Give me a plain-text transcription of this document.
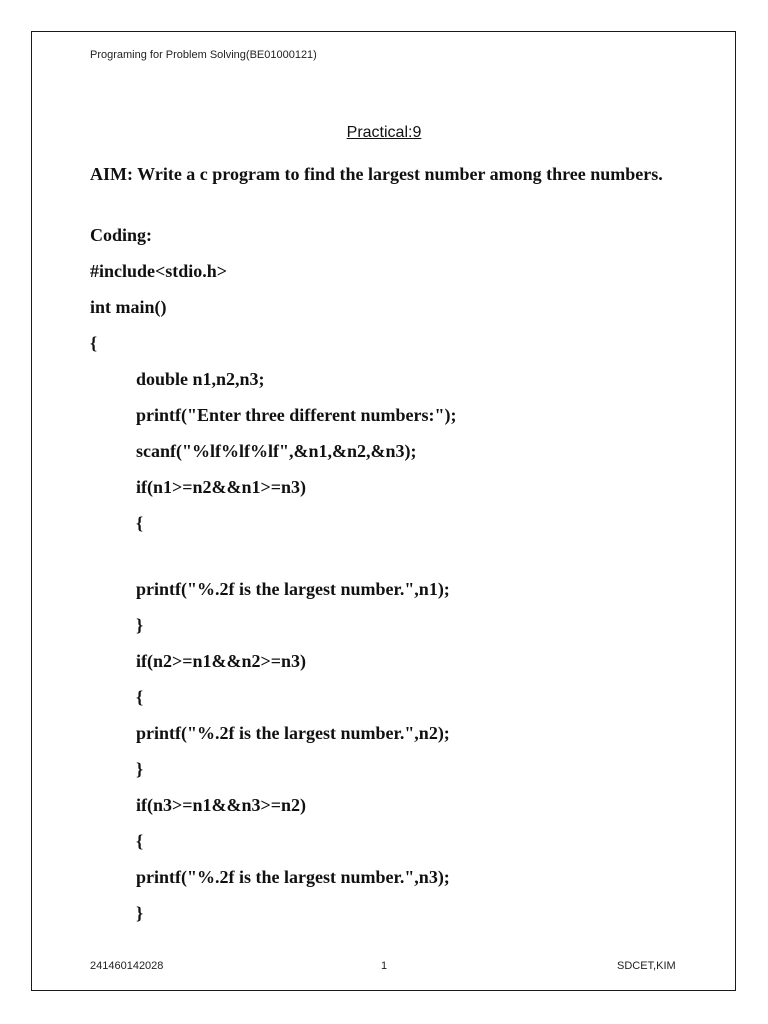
Programing for Problem Solving(BE01000121)
Practical:9
AIM: Write a c program to find the largest number among three numbers.
Coding:
#include<stdio.h>
int main()
{
double n1,n2,n3;
printf("Enter three different numbers:");
scanf("%lf%lf%lf",&n1,&n2,&n3);
if(n1>=n2&&n1>=n3)
{
printf("%.2f is the largest number.",n1);
}
if(n2>=n1&&n2>=n3)
{
printf("%.2f is the largest number.",n2);
}
if(n3>=n1&&n3>=n2)
{
printf("%.2f is the largest number.",n3);
}
241460142028	1	SDCET,KIM
